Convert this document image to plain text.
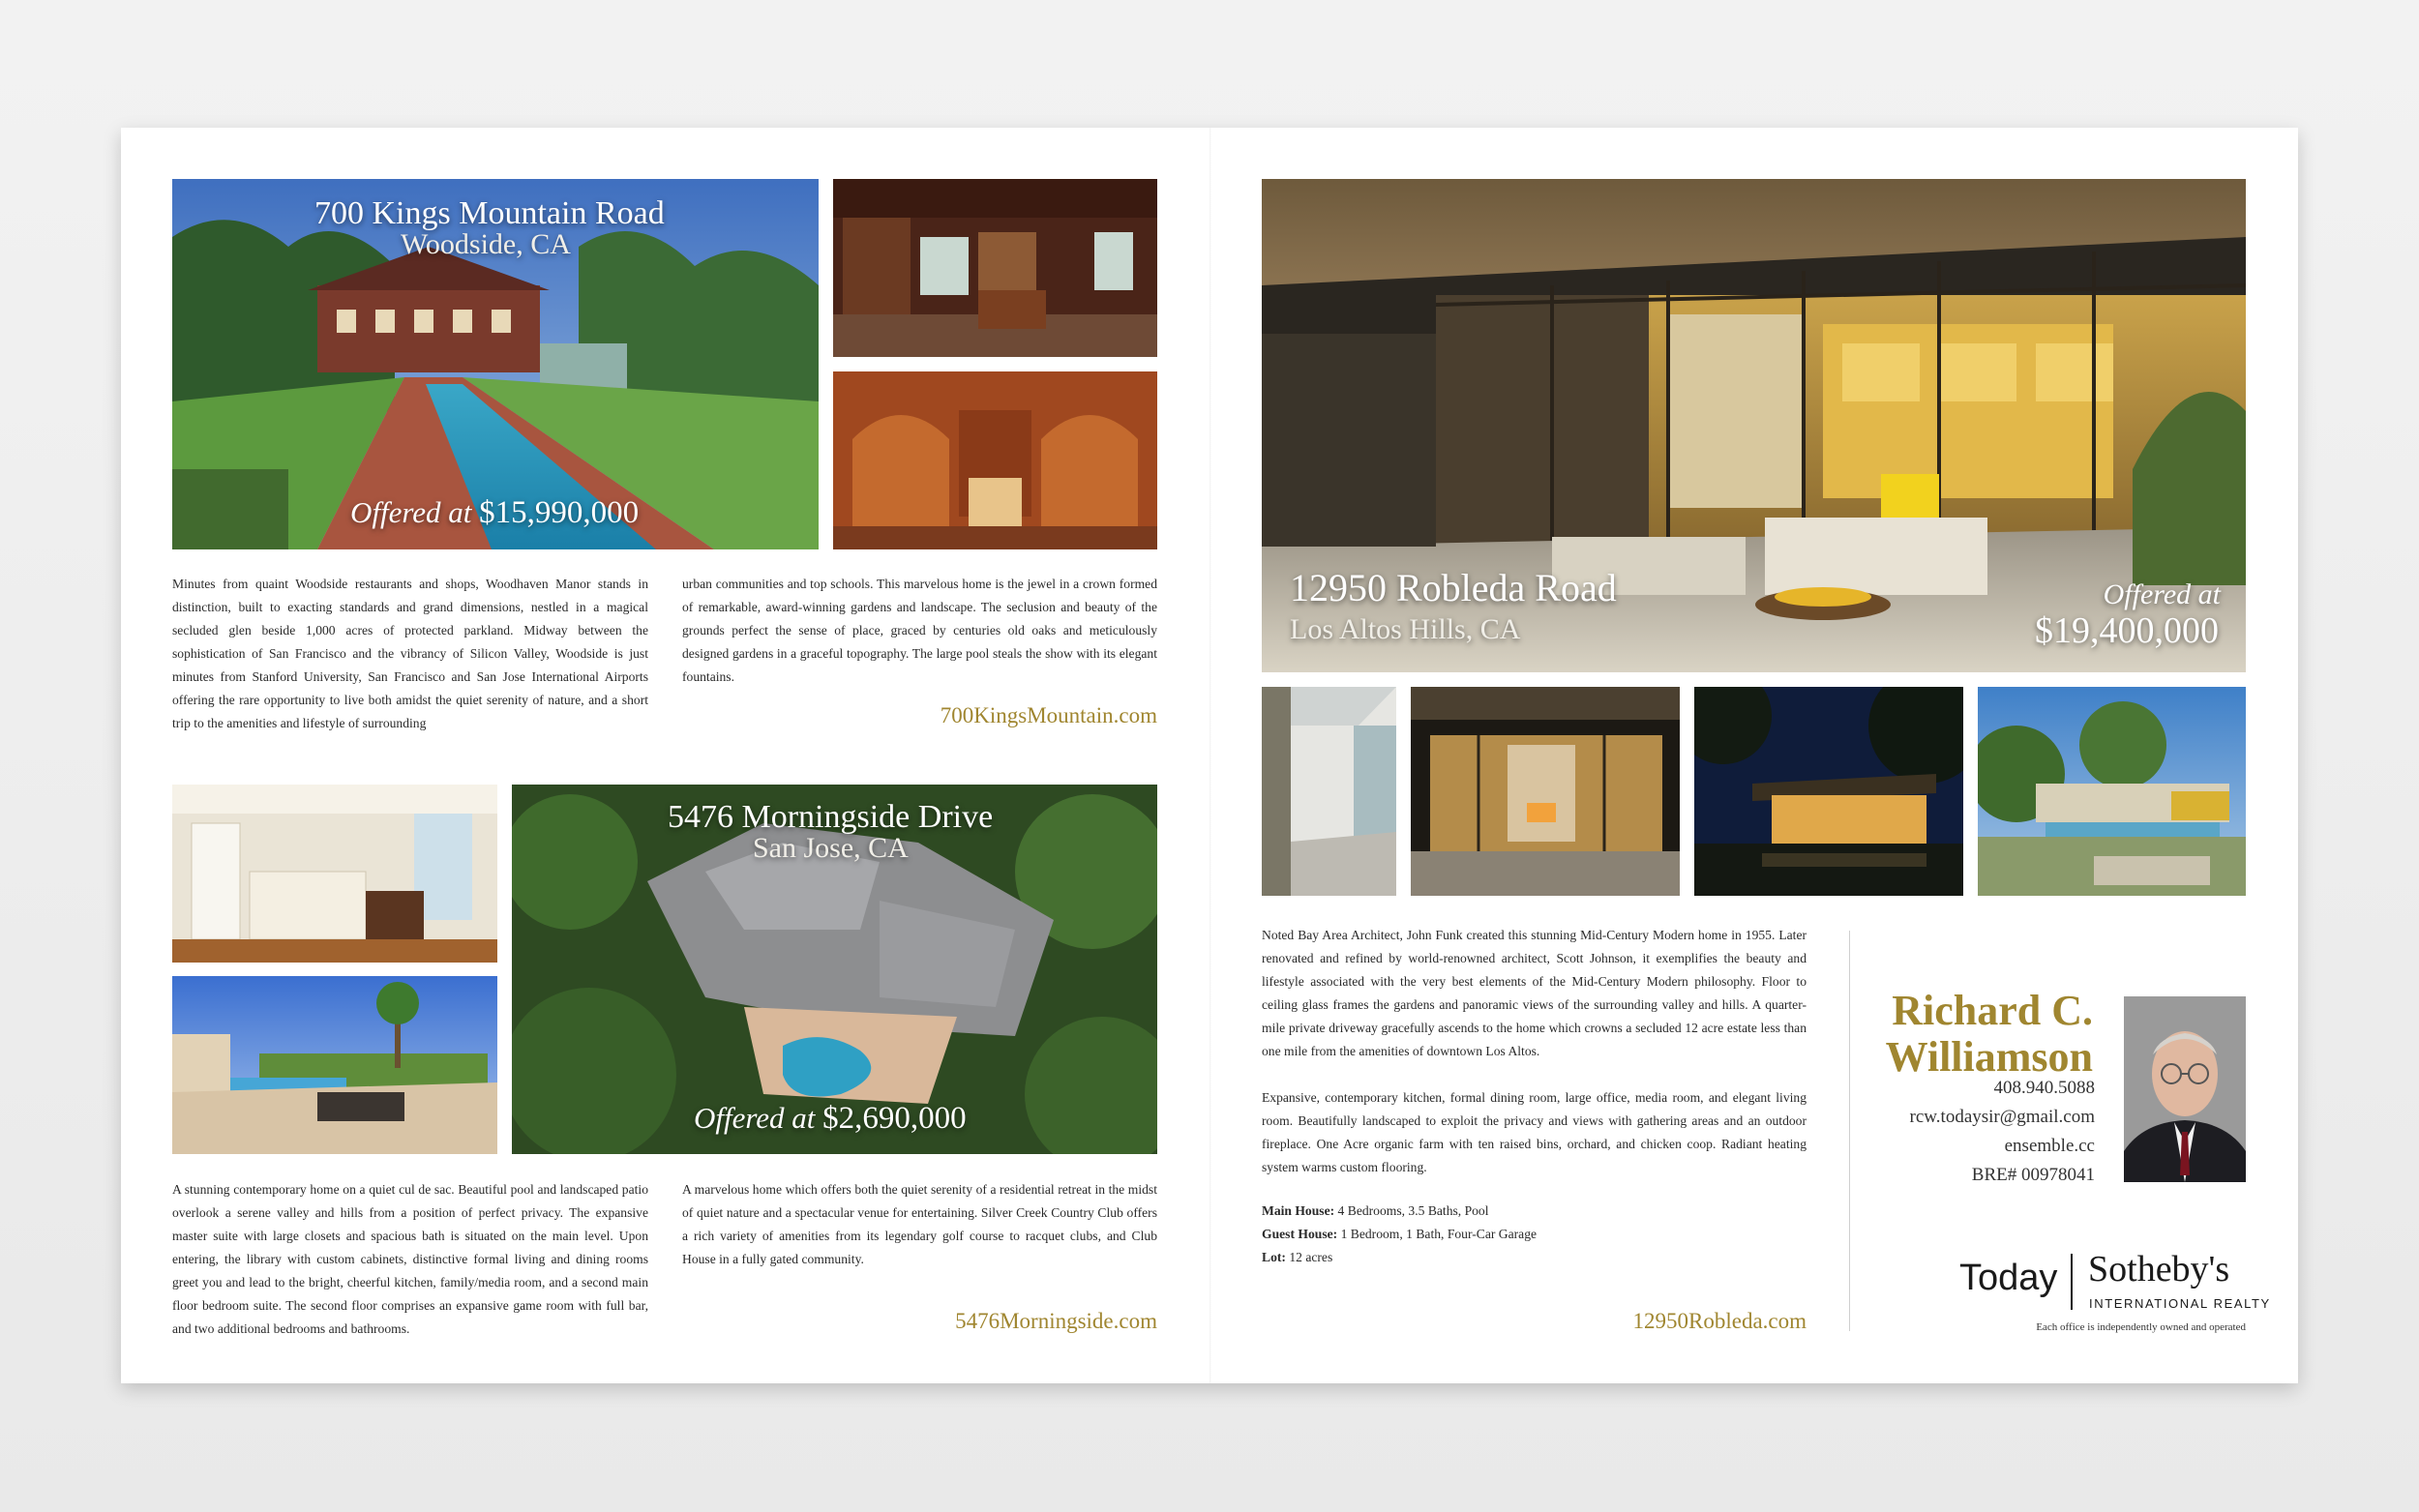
700 Kings Mountain Road
Woodside, CA
Offered at $15,990,000
Minutes from quaint Woodside restaurants and shops, Woodhaven Manor stands in distinction, built to exacting standards and grand dimensions, nestled in a magical secluded glen beside 1,000 acres of protected parkland. Midway between the sophistication of San Francisco and the vibrancy of Silicon Valley, Woodside is just minutes from Stanford University, San Francisco and San Jose International Airports offering the rare opportunity to live both amidst the quiet serenity of nature, and a short trip to the amenities and lifestyle of surrounding
urban communities and top schools. This marvelous home is the jewel in a crown formed of remarkable, award-winning gardens and landscape. The seclusion and beauty of the grounds perfect the sense of place, graced by centuries old oaks and meticulously designed gardens in a graceful topography. The large pool steals the show with its elegant fountains.
700KingsMountain.com
5476 Morningside Drive
San Jose, CA
Offered at $2,690,000
A stunning contemporary home on a quiet cul de sac. Beautiful pool and landscaped patio overlook a serene valley and hills from a position of perfect privacy. The expansive master suite with large closets and spacious bath is situated on the main level. Upon entering, the library with custom cabinets, distinctive formal living and dining rooms greet you and lead to the bright, cheerful kitchen, family/media room, and a second main floor bedroom suite. The second floor comprises an expansive game room with full bar, and two additional bedrooms and bathrooms.
A marvelous home which offers both the quiet serenity of a residential retreat in the midst of quiet nature and a spectacular venue for entertaining. Silver Creek Country Club offers a rich variety of amenities from its legendary golf course to racquet clubs, and Club House in a fully gated community.
5476Morningside.com
12950 Robleda Road
Los Altos Hills, CA
Offered at
$19,400,000
Noted Bay Area Architect, John Funk created this stunning Mid-Century Modern home in 1955. Later renovated and refined by world-renowned architect, Scott Johnson, it exemplifies the beauty and lifestyle associated with the very best elements of the Mid-Century Modern philosophy. Floor to ceiling glass frames the gardens and panoramic views of the surrounding valley and hills. A quarter-mile private driveway gracefully ascends to the home which crowns a secluded 12 acre estate less than one mile from the amenities of downtown Los Altos.
Expansive, contemporary kitchen, formal dining room, large office, media room, and elegant living room. Beautifully landscaped to exploit the privacy and views with gathering areas and an outdoor fireplace. One Acre organic farm with ten raised bins, orchard, and chicken coop. Radiant heating system warms custom flooring.
Main House: 4 Bedrooms, 3.5 Baths, Pool
Guest House: 1 Bedroom, 1 Bath, Four-Car Garage
Lot: 12 acres
12950Robleda.com
Richard C.
Williamson
408.940.5088
rcw.todaysir@gmail.com
ensemble.cc
BRE# 00978041
Today Sotheby's
INTERNATIONAL REALTY
Each office is independently owned and operated
